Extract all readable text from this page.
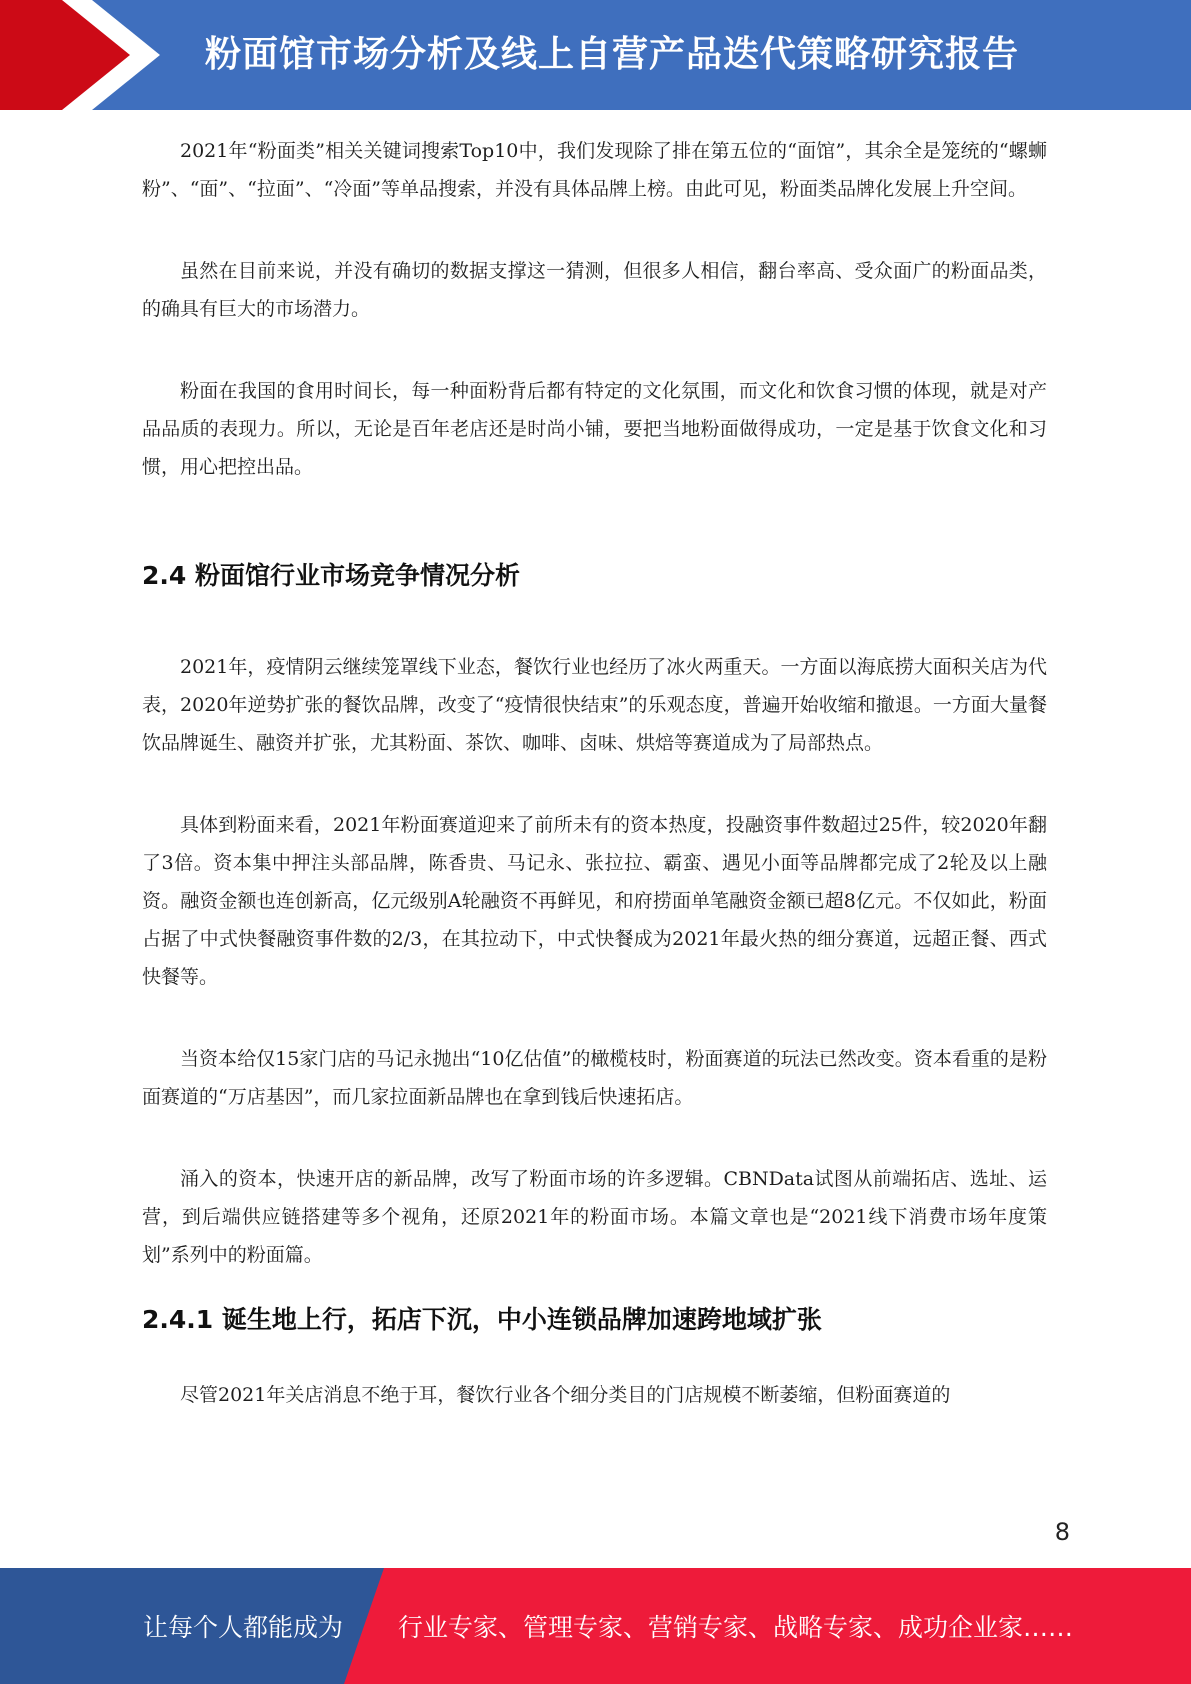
粉面馆市场分析及线上自营产品迭代策略研究报告

2021年“粉面类”相关关键词搜索Top10中，我们发现除了排在第五位的“面馆”，其余全是笼统的“螺蛳粉”、“面”、“拉面”、“冷面”等单品搜索，并没有具体品牌上榜。由此可见，粉面类品牌化发展上升空间。

虽然在目前来说，并没有确切的数据支撑这一猜测，但很多人相信，翻台率高、受众面广的粉面品类，的确具有巨大的市场潜力。

粉面在我国的食用时间长，每一种面粉背后都有特定的文化氛围，而文化和饮食习惯的体现，就是对产品品质的表现力。所以，无论是百年老店还是时尚小铺，要把当地粉面做得成功，一定是基于饮食文化和习惯，用心把控出品。

2.4 粉面馆行业市场竞争情况分析

2021年，疫情阴云继续笼罩线下业态，餐饮行业也经历了冰火两重天。一方面以海底捞大面积关店为代表，2020年逆势扩张的餐饮品牌，改变了“疫情很快结束”的乐观态度，普遍开始收缩和撤退。一方面大量餐饮品牌诞生、融资并扩张，尤其粉面、茶饮、咖啡、卤味、烘焙等赛道成为了局部热点。

具体到粉面来看，2021年粉面赛道迎来了前所未有的资本热度，投融资事件数超过25件，较2020年翻了3倍。资本集中押注头部品牌，陈香贵、马记永、张拉拉、霸蛮、遇见小面等品牌都完成了2轮及以上融资。融资金额也连创新高，亿元级别A轮融资不再鲜见，和府捞面单笔融资金额已超8亿元。不仅如此，粉面占据了中式快餐融资事件数的2/3，在其拉动下，中式快餐成为2021年最火热的细分赛道，远超正餐、西式快餐等。

当资本给仅15家门店的马记永抛出“10亿估值”的橄榄枝时，粉面赛道的玩法已然改变。资本看重的是粉面赛道的“万店基因”，而几家拉面新品牌也在拿到钱后快速拓店。

涌入的资本，快速开店的新品牌，改写了粉面市场的许多逻辑。CBNData试图从前端拓店、选址、运营，到后端供应链搭建等多个视角，还原2021年的粉面市场。本篇文章也是“2021线下消费市场年度策划”系列中的粉面篇。

2.4.1 诞生地上行，拓店下沉，中小连锁品牌加速跨地域扩张

尽管2021年关店消息不绝于耳，餐饮行业各个细分类目的门店规模不断萎缩，但粉面赛道的

8
让每个人都能成为 行业专家、管理专家、营销专家、战略专家、成功企业家……
